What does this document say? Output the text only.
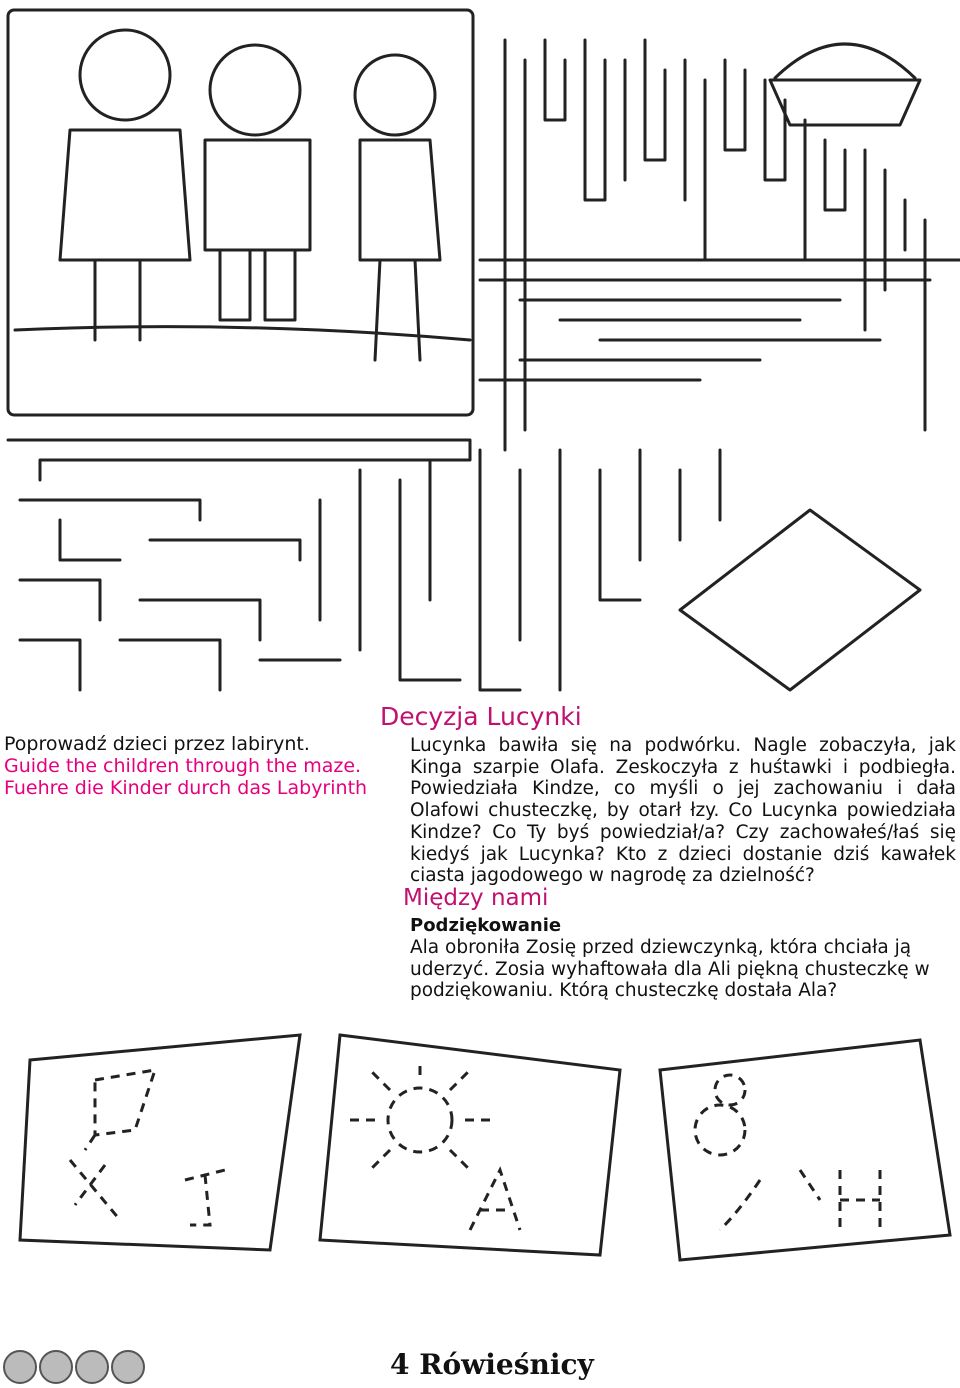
Poprowadź dzieci przez labirynt.
Guide the children through the maze.
Fuehre die Kinder durch das Labyrinth
Decyzja Lucynki
Lucynka bawiła się na podwórku. Nagle zobaczyła, jak Kinga szarpie Olafa. Zeskoczyła z huśtawki i podbiegła. Powiedziała Kindze, co myśli o jej zachowaniu i dała Olafowi chusteczkę, by otarł łzy. Co Lucynka powiedziała Kindze? Co Ty byś powiedział/a? Czy zachowałeś/łaś się kiedyś jak Lucynka? Kto z dzieci dostanie dziś kawałek ciasta jagodowego w nagrodę za dzielność?
Między nami
Podziękowanie
Ala obroniła Zosię przed dziewczynką, która chciała ją uderzyć. Zosia wyhaftowała dla Ali piękną chusteczkę w podziękowaniu. Którą chusteczkę dostała Ala?
4 Rówieśnicy
